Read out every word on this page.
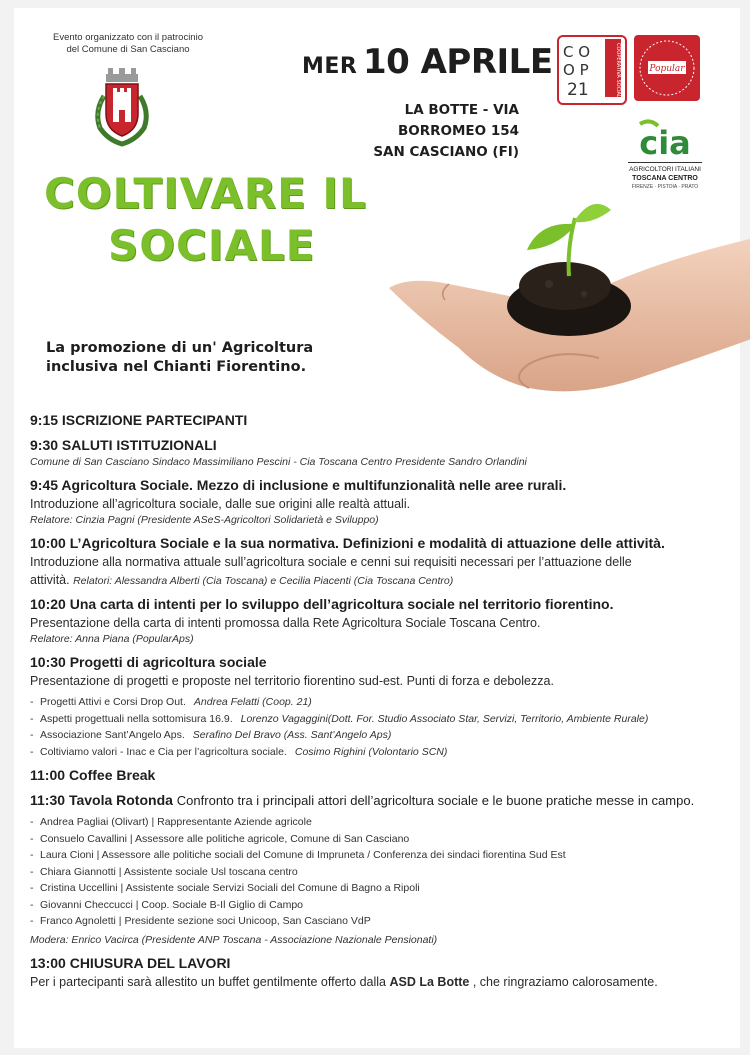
Evento organizzato con il patrocinio
del Comune di San Casciano
MER 10 APRILE
LA BOTTE - VIA BORROMEO 154
SAN CASCIANO (FI)
C O
O P
21	COOPERATIVA SOCIALE	Popular
cia
AGRICOLTORI ITALIANI
TOSCANA CENTRO
FIRENZE · PISTOIA · PRATO
COLTIVARE IL
SOCIALE
La promozione di un' Agricoltura
inclusiva nel Chianti Fiorentino.
9:15 ISCRIZIONE PARTECIPANTI
9:30 SALUTI ISTITUZIONALI
Comune di San Casciano Sindaco Massimiliano Pescini - Cia Toscana Centro Presidente Sandro Orlandini
9:45 Agricoltura Sociale. Mezzo di inclusione e multifunzionalità nelle aree rurali.
Introduzione all’agricoltura sociale, dalle sue origini alle realtà attuali.
Relatore: Cinzia Pagni (Presidente ASeS-Agricoltori Solidarietà e Sviluppo)
10:00 L’Agricoltura Sociale e la sua normativa. Definizioni e modalità di attuazione delle attività.
Introduzione alla normativa attuale sull’agricoltura sociale e cenni sui requisiti necessari per l’attuazione delle
attività. Relatori: Alessandra Alberti (Cia Toscana) e Cecilia Piacenti (Cia Toscana Centro)
10:20 Una carta di intenti per lo sviluppo dell’agricoltura sociale nel territorio fiorentino.
Presentazione della carta di intenti promossa dalla Rete Agricoltura Sociale Toscana Centro.
Relatore: Anna Piana (PopularAps)
10:30 Progetti di agricoltura sociale
Presentazione di progetti e proposte nel territorio fiorentino sud-est. Punti di forza e debolezza.
- Progetti Attivi e Corsi Drop Out. Andrea Felatti (Coop. 21)
- Aspetti progettuali nella sottomisura 16.9. Lorenzo Vagaggini(Dott. For. Studio Associato Star, Servizi, Territorio, Ambiente Rurale)
- Associazione Sant’Angelo Aps. Serafino Del Bravo (Ass. Sant’Angelo Aps)
- Coltiviamo valori - Inac e Cia per l’agricoltura sociale. Cosimo Righini (Volontario SCN)
11:00 Coffee Break
11:30 Tavola Rotonda Confronto tra i principali attori dell’agricoltura sociale e le buone pratiche messe in campo.
- Andrea Pagliai (Olivart) | Rappresentante Aziende agricole
- Consuelo Cavallini | Assessore alle politiche agricole, Comune di San Casciano
- Laura Cioni | Assessore alle politiche sociali del Comune di Impruneta / Conferenza dei sindaci fiorentina Sud Est
- Chiara Giannotti | Assistente sociale Usl toscana centro
- Cristina Uccellini | Assistente sociale Servizi Sociali del Comune di Bagno a Ripoli
- Giovanni Checcucci | Coop. Sociale B-Il Giglio di Campo
- Franco Agnoletti | Presidente sezione soci Unicoop, San Casciano VdP
Modera: Enrico Vacirca (Presidente ANP Toscana - Associazione Nazionale Pensionati)
13:00 CHIUSURA DEL LAVORI
Per i partecipanti sarà allestito un buffet gentilmente offerto dalla ASD La Botte , che ringraziamo calorosamente.
